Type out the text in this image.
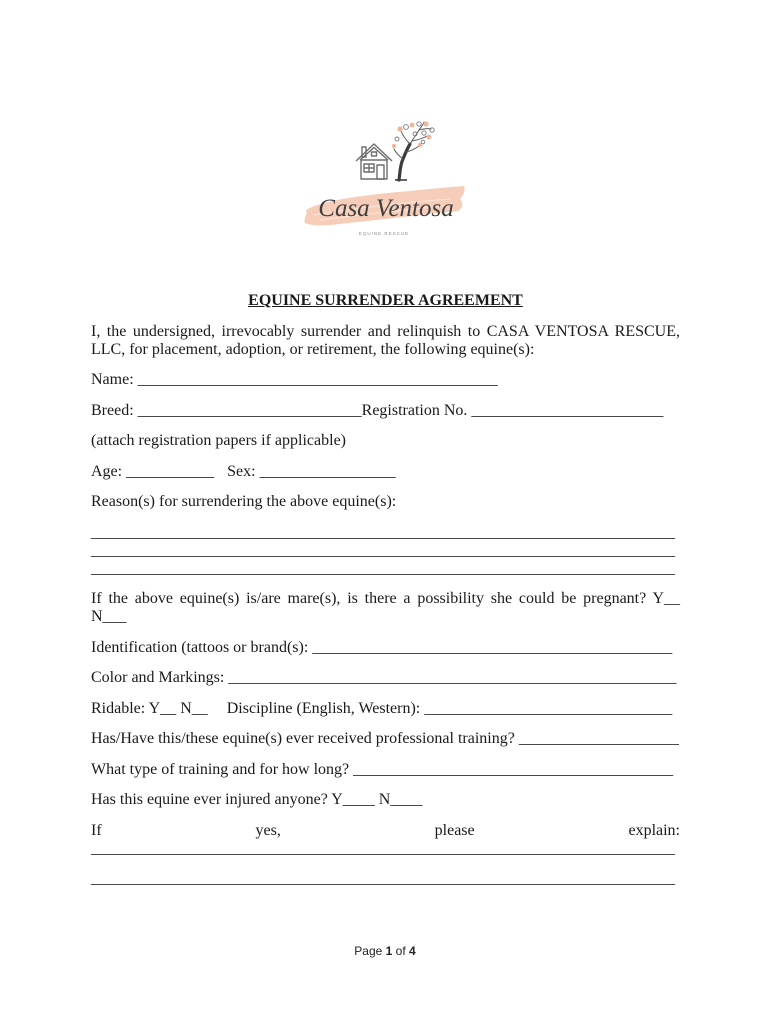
Casa Ventosa
EQUINE RESCUE

EQUINE SURRENDER AGREEMENT

I, the undersigned, irrevocably surrender and relinquish to CASA VENTOSA RESCUE, LLC, for placement, adoption, or retirement, the following equine(s):

Name: _____________________________________________

Breed: ____________________________Registration No. ________________________

(attach registration papers if applicable)

Age: ___________ Sex: _________________

Reason(s) for surrendering the above equine(s):

_________________________________________________________________________
_________________________________________________________________________
_________________________________________________________________________

If the above equine(s) is/are mare(s), is there a possibility she could be pregnant? Y__
N___

Identification (tattoos or brand(s): _____________________________________________

Color and Markings: ________________________________________________________

Ridable: Y__ N__ Discipline (English, Western): _______________________________

Has/Have this/these equine(s) ever received professional training? ____________________

What type of training and for how long? ________________________________________

Has this equine ever injured anyone? Y____ N____

If yes, please explain: _________________________________________________________________________

_________________________________________________________________________
Page 1 of 4
